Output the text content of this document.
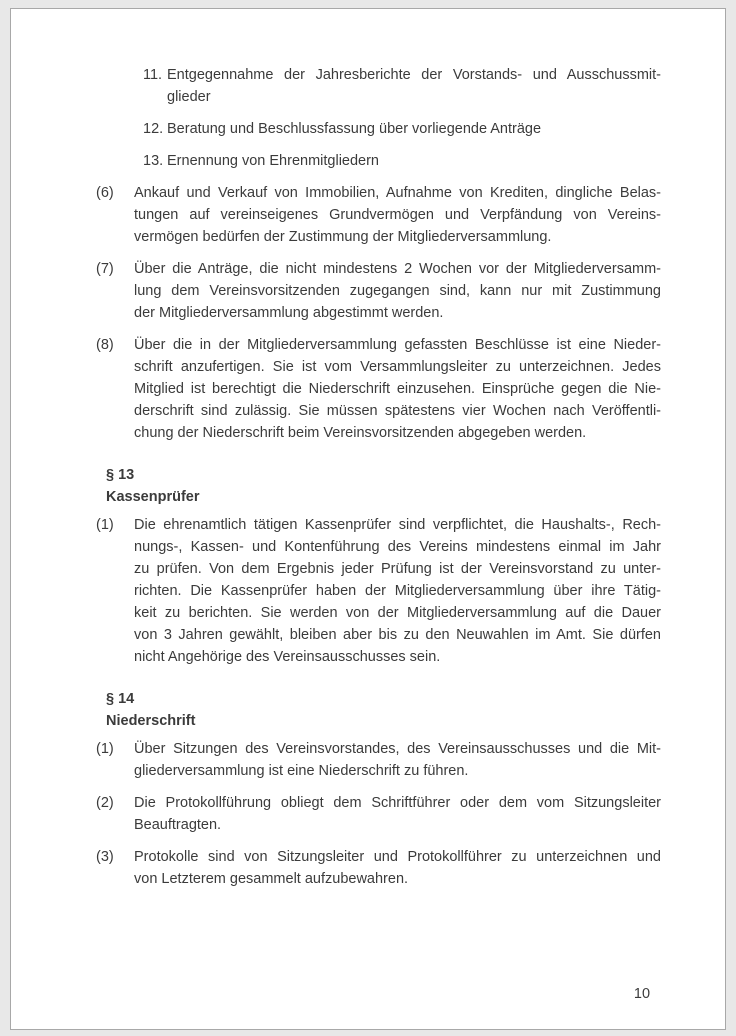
11. Entgegennahme der Jahresberichte der Vorstands- und Ausschussmit-
glieder
12. Beratung und Beschlussfassung über vorliegende Anträge
13. Ernennung von Ehrenmitgliedern
(6) Ankauf und Verkauf von Immobilien, Aufnahme von Krediten, dingliche Belas-
tungen auf vereinseigenes Grundvermögen und Verpfändung von Vereins-
vermögen bedürfen der Zustimmung der Mitgliederversammlung.
(7) Über die Anträge, die nicht mindestens 2 Wochen vor der Mitgliederversamm-
lung dem Vereinsvorsitzenden zugegangen sind, kann nur mit Zustimmung
der Mitgliederversammlung abgestimmt werden.
(8) Über die in der Mitgliederversammlung gefassten Beschlüsse ist eine Nieder-
schrift anzufertigen. Sie ist vom Versammlungsleiter zu unterzeichnen. Jedes
Mitglied ist berechtigt die Niederschrift einzusehen. Einsprüche gegen die Nie-
derschrift sind zulässig. Sie müssen spätestens vier Wochen nach Veröffentli-
chung der Niederschrift beim Vereinsvorsitzenden abgegeben werden.
§ 13
Kassenprüfer
(1) Die ehrenamtlich tätigen Kassenprüfer sind verpflichtet, die Haushalts-, Rech-
nungs-, Kassen- und Kontenführung des Vereins mindestens einmal im Jahr
zu prüfen. Von dem Ergebnis jeder Prüfung ist der Vereinsvorstand zu unter-
richten. Die Kassenprüfer haben der Mitgliederversammlung über ihre Tätig-
keit zu berichten. Sie werden von der Mitgliederversammlung auf die Dauer
von 3 Jahren gewählt, bleiben aber bis zu den Neuwahlen im Amt. Sie dürfen
nicht Angehörige des Vereinsausschusses sein.
§ 14
Niederschrift
(1) Über Sitzungen des Vereinsvorstandes, des Vereinsausschusses und die Mit-
gliederversammlung ist eine Niederschrift zu führen.
(2) Die Protokollführung obliegt dem Schriftführer oder dem vom Sitzungsleiter
Beauftragten.
(3) Protokolle sind von Sitzungsleiter und Protokollführer zu unterzeichnen und
von Letzterem gesammelt aufzubewahren.
10
